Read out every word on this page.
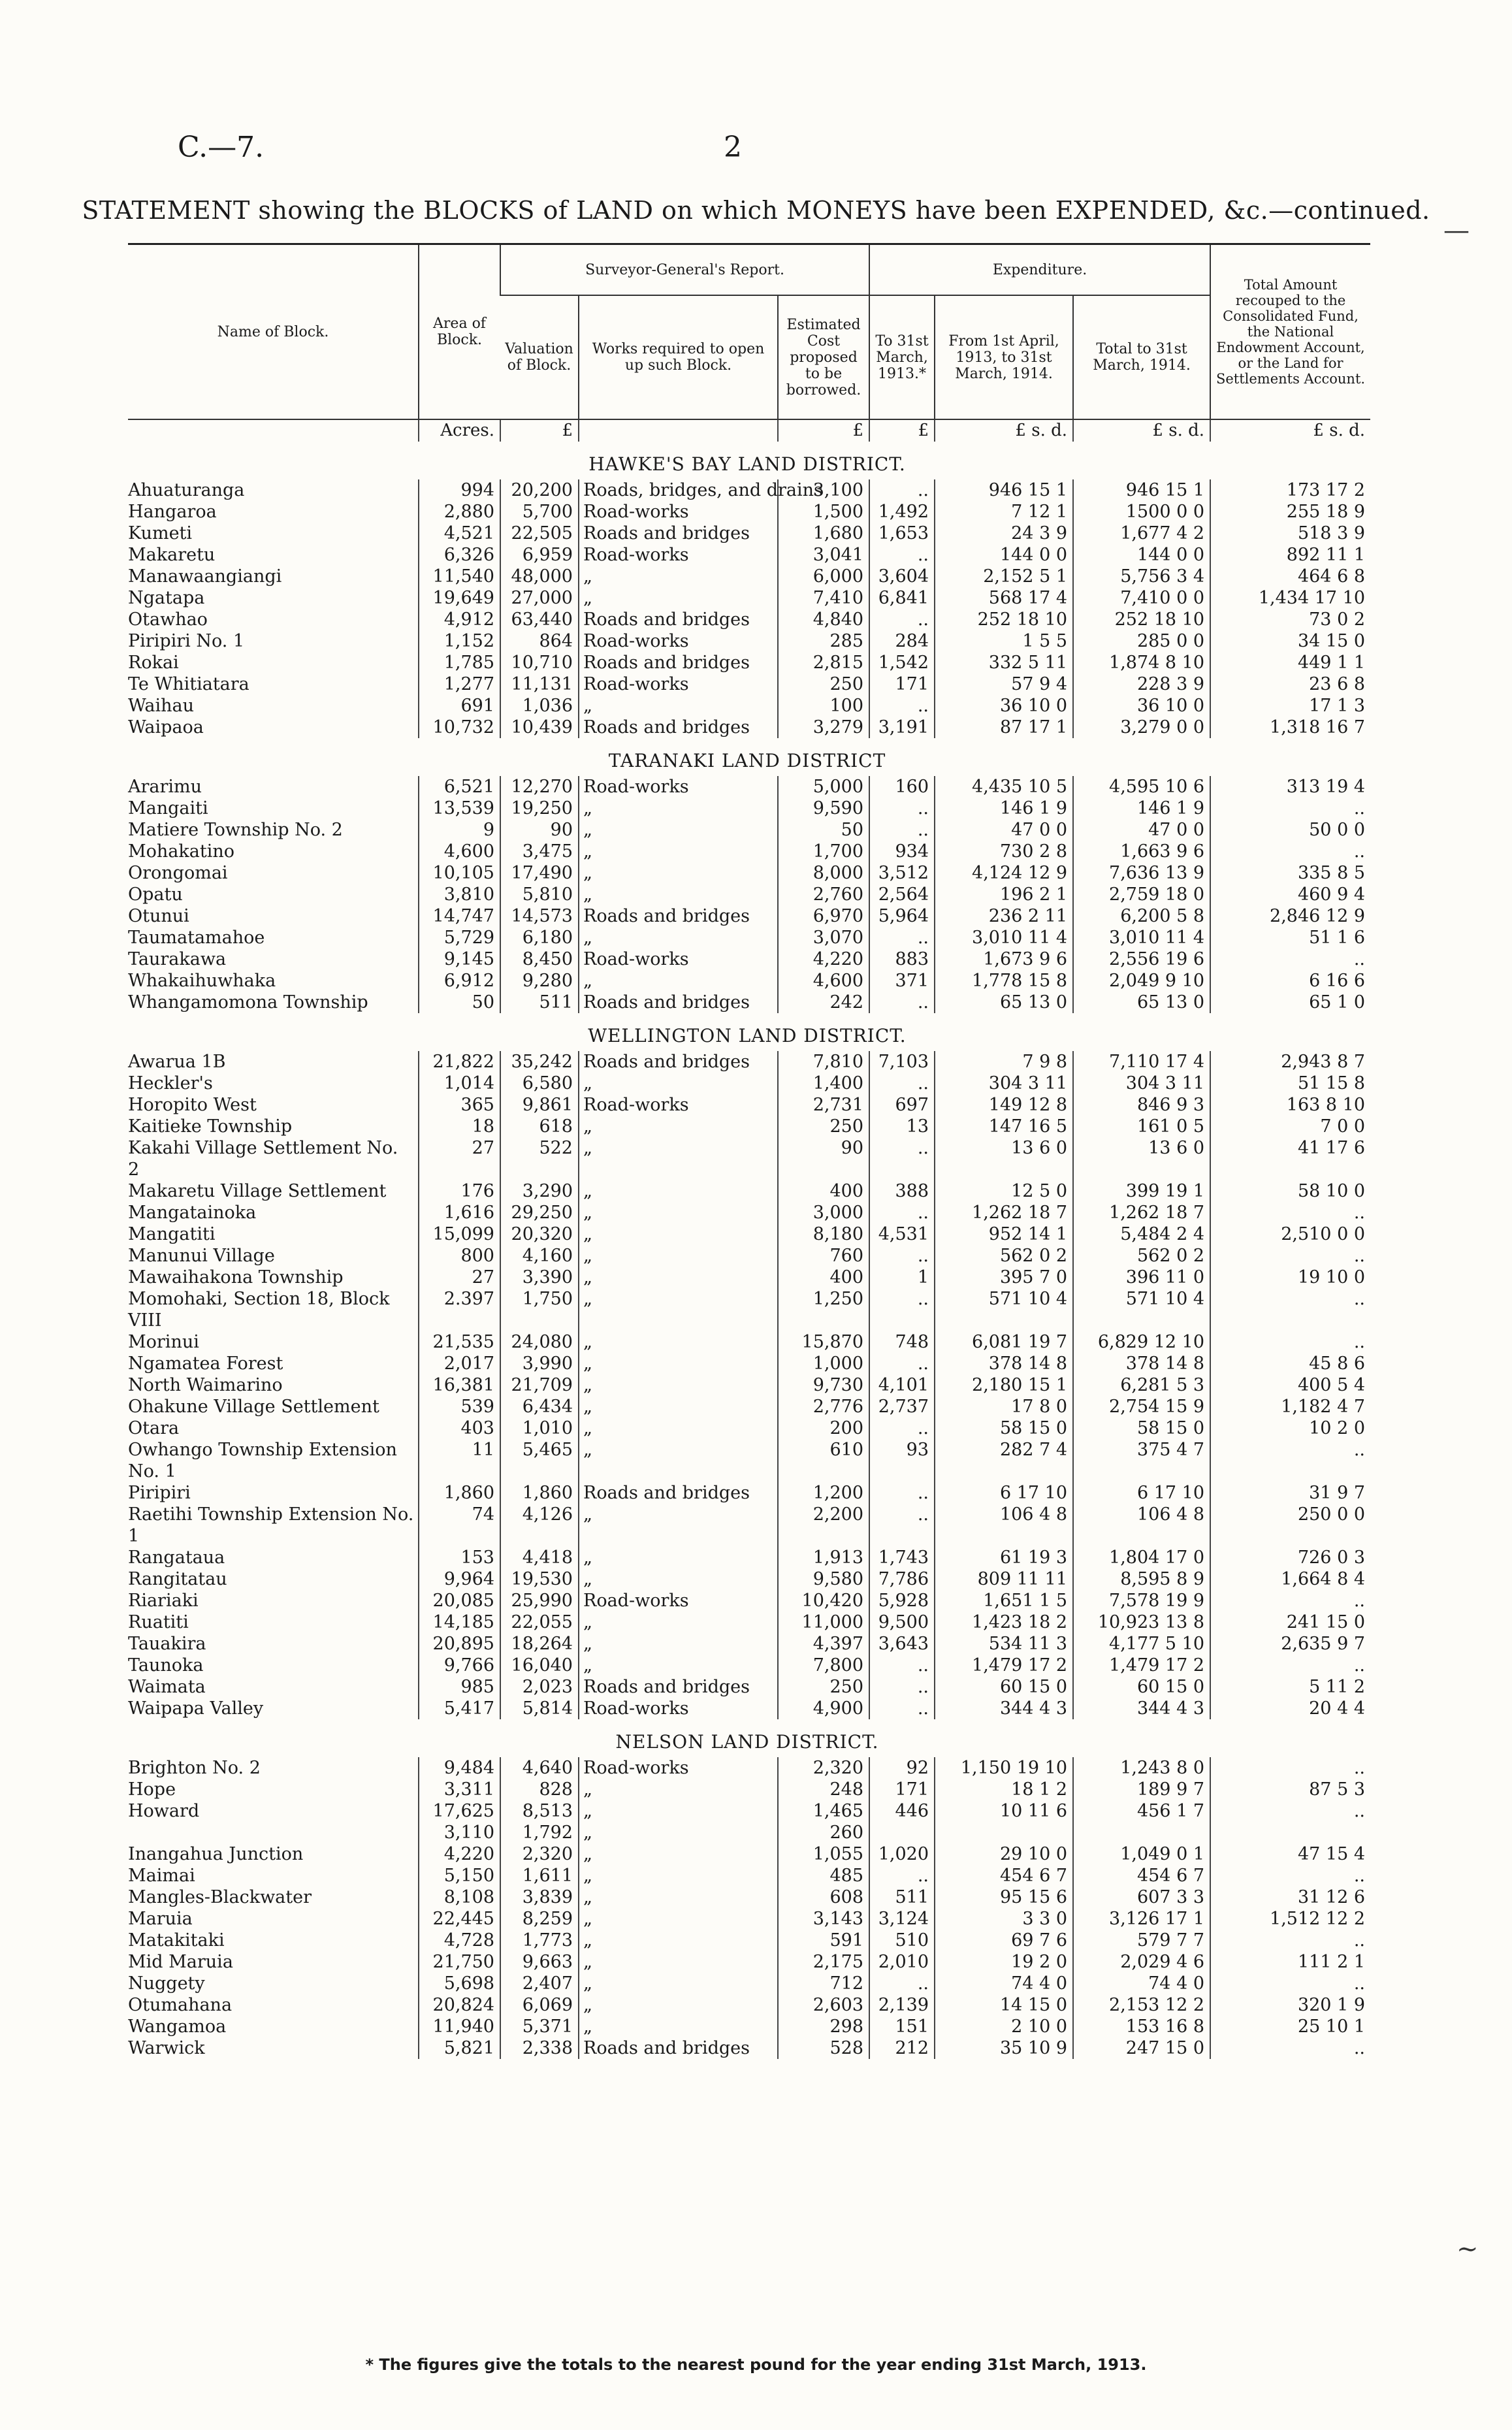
C.—7.	2
STATEMENT showing the BLOCKS of LAND on which MONEYS have been EXPENDED, &c.—continued.
Name of Block.	Area of Block.	Surveyor-General's Report.			Expenditure.			Total Amount recouped to the Consolidated Fund, the National Endowment Account, or the Land for Settlements Account.
		Valuation of Block.	Works required to open up such Block.	Estimated Cost proposed to be borrowed.	To 31st March, 1913.*	From 1st April, 1913, to 31st March, 1914.	Total to 31st March, 1914.	
	Acres.	£		£	£	£ s. d.	£ s. d.	£ s. d.
HAWKE'S BAY LAND DISTRICT.								
Ahuaturanga	994	20,200	Roads, bridges, and drains	3,100	..	946 15 1	946 15 1	173 17 2
Hangaroa	2,880	5,700	Road-works	1,500	1,492	7 12 1	1500 0 0	255 18 9
Kumeti	4,521	22,505	Roads and bridges	1,680	1,653	24 3 9	1,677 4 2	518 3 9
Makaretu	6,326	6,959	Road-works	3,041	..	144 0 0	144 0 0	892 11 1
Manawaangiangi	11,540	48,000	„	6,000	3,604	2,152 5 1	5,756 3 4	464 6 8
Ngatapa	19,649	27,000	„	7,410	6,841	568 17 4	7,410 0 0	1,434 17 10
Otawhao	4,912	63,440	Roads and bridges	4,840	..	252 18 10	252 18 10	73 0 2
Piripiri No. 1	1,152	864	Road-works	285	284	1 5 5	285 0 0	34 15 0
Rokai	1,785	10,710	Roads and bridges	2,815	1,542	332 5 11	1,874 8 10	449 1 1
Te Whitiatara	1,277	11,131	Road-works	250	171	57 9 4	228 3 9	23 6 8
Waihau	691	1,036	„	100	..	36 10 0	36 10 0	17 1 3
Waipaoa	10,732	10,439	Roads and bridges	3,279	3,191	87 17 1	3,279 0 0	1,318 16 7
TARANAKI LAND DISTRICT								
Ararimu	6,521	12,270	Road-works	5,000	160	4,435 10 5	4,595 10 6	313 19 4
Mangaiti	13,539	19,250	„	9,590	..	146 1 9	146 1 9	..
Matiere Township No. 2	9	90	„	50	..	47 0 0	47 0 0	50 0 0
Mohakatino	4,600	3,475	„	1,700	934	730 2 8	1,663 9 6	..
Orongomai	10,105	17,490	„	8,000	3,512	4,124 12 9	7,636 13 9	335 8 5
Opatu	3,810	5,810	„	2,760	2,564	196 2 1	2,759 18 0	460 9 4
Otunui	14,747	14,573	Roads and bridges	6,970	5,964	236 2 11	6,200 5 8	2,846 12 9
Taumatamahoe	5,729	6,180	„	3,070	..	3,010 11 4	3,010 11 4	51 1 6
Taurakawa	9,145	8,450	Road-works	4,220	883	1,673 9 6	2,556 19 6	..
Whakaihuwhaka	6,912	9,280	„	4,600	371	1,778 15 8	2,049 9 10	6 16 6
Whangamomona Township	50	511	Roads and bridges	242	..	65 13 0	65 13 0	65 1 0
WELLINGTON LAND DISTRICT.								
Awarua 1B	21,822	35,242	Roads and bridges	7,810	7,103	7 9 8	7,110 17 4	2,943 8 7
Heckler's	1,014	6,580	„	1,400	..	304 3 11	304 3 11	51 15 8
Horopito West	365	9,861	Road-works	2,731	697	149 12 8	846 9 3	163 8 10
Kaitieke Township	18	618	„	250	13	147 16 5	161 0 5	7 0 0
Kakahi Village Settlement No. 2	27	522	„	90	..	13 6 0	13 6 0	41 17 6
Makaretu Village Settlement	176	3,290	„	400	388	12 5 0	399 19 1	58 10 0
Mangatainoka	1,616	29,250	„	3,000	..	1,262 18 7	1,262 18 7	..
Mangatiti	15,099	20,320	„	8,180	4,531	952 14 1	5,484 2 4	2,510 0 0
Manunui Village	800	4,160	„	760	..	562 0 2	562 0 2	..
Mawaihakona Township	27	3,390	„	400	1	395 7 0	396 11 0	19 10 0
Momohaki, Section 18, Block VIII	2.397	1,750	„	1,250	..	571 10 4	571 10 4	..
Morinui	21,535	24,080	„	15,870	748	6,081 19 7	6,829 12 10	..
Ngamatea Forest	2,017	3,990	„	1,000	..	378 14 8	378 14 8	45 8 6
North Waimarino	16,381	21,709	„	9,730	4,101	2,180 15 1	6,281 5 3	400 5 4
Ohakune Village Settlement	539	6,434	„	2,776	2,737	17 8 0	2,754 15 9	1,182 4 7
Otara	403	1,010	„	200	..	58 15 0	58 15 0	10 2 0
Owhango Township Extension No. 1	11	5,465	„	610	93	282 7 4	375 4 7	..
Piripiri	1,860	1,860	Roads and bridges	1,200	..	6 17 10	6 17 10	31 9 7
Raetihi Township Extension No. 1	74	4,126	„	2,200	..	106 4 8	106 4 8	250 0 0
Rangataua	153	4,418	„	1,913	1,743	61 19 3	1,804 17 0	726 0 3
Rangitatau	9,964	19,530	„	9,580	7,786	809 11 11	8,595 8 9	1,664 8 4
Riariaki	20,085	25,990	Road-works	10,420	5,928	1,651 1 5	7,578 19 9	..
Ruatiti	14,185	22,055	„	11,000	9,500	1,423 18 2	10,923 13 8	241 15 0
Tauakira	20,895	18,264	„	4,397	3,643	534 11 3	4,177 5 10	2,635 9 7
Taunoka	9,766	16,040	„	7,800	..	1,479 17 2	1,479 17 2	..
Waimata	985	2,023	Roads and bridges	250	..	60 15 0	60 15 0	5 11 2
Waipapa Valley	5,417	5,814	Road-works	4,900	..	344 4 3	344 4 3	20 4 4
NELSON LAND DISTRICT.								
Brighton No. 2	9,484	4,640	Road-works	2,320	92	1,150 19 10	1,243 8 0	..
Hope	3,311	828	„	248	171	18 1 2	189 9 7	87 5 3
Howard	17,625	8,513	„	1,465	446	10 11 6	456 1 7	..
	3,110	1,792	„	260				
Inangahua Junction	4,220	2,320	„	1,055	1,020	29 10 0	1,049 0 1	47 15 4
Maimai	5,150	1,611	„	485	..	454 6 7	454 6 7	..
Mangles-Blackwater	8,108	3,839	„	608	511	95 15 6	607 3 3	31 12 6
Maruia	22,445	8,259	„	3,143	3,124	3 3 0	3,126 17 1	1,512 12 2
Matakitaki	4,728	1,773	„	591	510	69 7 6	579 7 7	..
Mid Maruia	21,750	9,663	„	2,175	2,010	19 2 0	2,029 4 6	111 2 1
Nuggety	5,698	2,407	„	712	..	74 4 0	74 4 0	..
Otumahana	20,824	6,069	„	2,603	2,139	14 15 0	2,153 12 2	320 1 9
Wangamoa	11,940	5,371	„	298	151	2 10 0	153 16 8	25 10 1
Warwick	5,821	2,338	Roads and bridges	528	212	35 10 9	247 15 0	..
* The figures give the totals to the nearest pound for the year ending 31st March, 1913.
—
~
